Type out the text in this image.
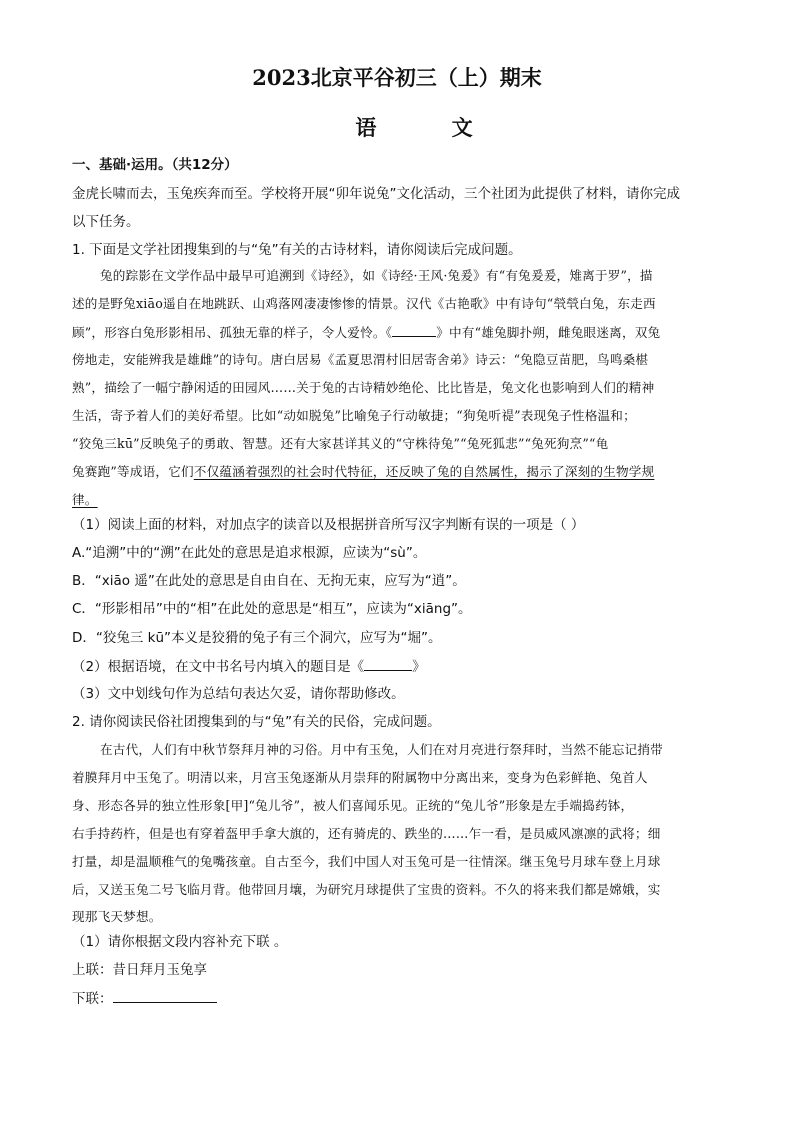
2023北京平谷初三（上）期末
语 文
一、基础·运用。（共12分）
金虎长啸而去，玉兔疾奔而至。学校将开展“卯年说兔”文化活动，三个社团为此提供了材料，请你完成
以下任务。
1. 下面是文学社团搜集到的与“兔”有关的古诗材料，请你阅读后完成问题。
兔的踪影在文学作品中最早可追溯到《诗经》，如《诗经·王风·兔爰》有“有兔爰爰，雉离于罗”，描
述的是野兔xiāo遥自在地跳跃、山鸡落网凄凄惨惨的情景。汉代《古艳歌》中有诗句“煢煢白兔，东走西
顾”，形容白兔形影相吊、孤独无靠的样子，令人爱怜。《	》中有“雄兔脚扑朔，雌兔眼迷离，双兔
傍地走，安能辨我是雄雌”的诗句。唐白居易《孟夏思渭村旧居寄舍弟》诗云：“兔隐豆苗肥，鸟鸣桑椹
熟”，描绘了一幅宁静闲适的田园风……关于兔的古诗精妙绝伦、比比皆是，兔文化也影响到人们的精神
生活，寄予着人们的美好希望。比如“动如脱兔”比喻兔子行动敏捷；“狗兔听禔”表现兔子性格温和；
“狡兔三kū”反映兔子的勇敢、智慧。还有大家甚详其义的“守株待兔”“兔死狐悲”“兔死狗烹”“龟
兔赛跑”等成语，它们不仅蕴涵着强烈的社会时代特征，还反映了兔的自然属性，揭示了深刻的生物学规
律。
（1）阅读上面的材料，对加点字的读音以及根据拼音所写汉字判断有误的一项是（ ）
A.“追溯”中的“溯”在此处的意思是追求根源，应读为“sù”。
B．“xiāo 遥”在此处的意思是自由自在、无拘无束，应写为“逍”。
C．“形影相吊”中的“相”在此处的意思是“相互”，应读为“xiāng”。
D．“狡兔三 kū”本义是狡猾的兔子有三个洞穴，应写为“堀”。
（2）根据语境，在文中书名号内填入的题目是《	》
（3）文中划线句作为总结句表达欠妥，请你帮助修改。
2. 请你阅读民俗社团搜集到的与“兔”有关的民俗，完成问题。
在古代，人们有中秋节祭拜月神的习俗。月中有玉兔，人们在对月亮进行祭拜时，当然不能忘记捎带
着膜拜月中玉兔了。明清以来，月宫玉兔逐渐从月崇拜的附属物中分离出来，变身为色彩鲜艳、兔首人
身、形态各异的独立性形象[甲]“兔儿爷”，被人们喜闻乐见。正统的“兔儿爷”形象是左手端捣药钵，
右手持药杵，但是也有穿着盔甲手拿大旗的，还有骑虎的、跌坐的……乍一看，是员威风凛凛的武将；细
打量，却是温顺稚气的兔嘴孩童。自古至今，我们中国人对玉兔可是一往情深。继玉兔号月球车登上月球
后，又送玉兔二号飞临月背。他带回月壤，为研究月球提供了宝贵的资料。不久的将来我们都是嫦娥，实
现那飞天梦想。
（1）请你根据文段内容补充下联 。
上联：昔日拜月玉兔享
下联：
